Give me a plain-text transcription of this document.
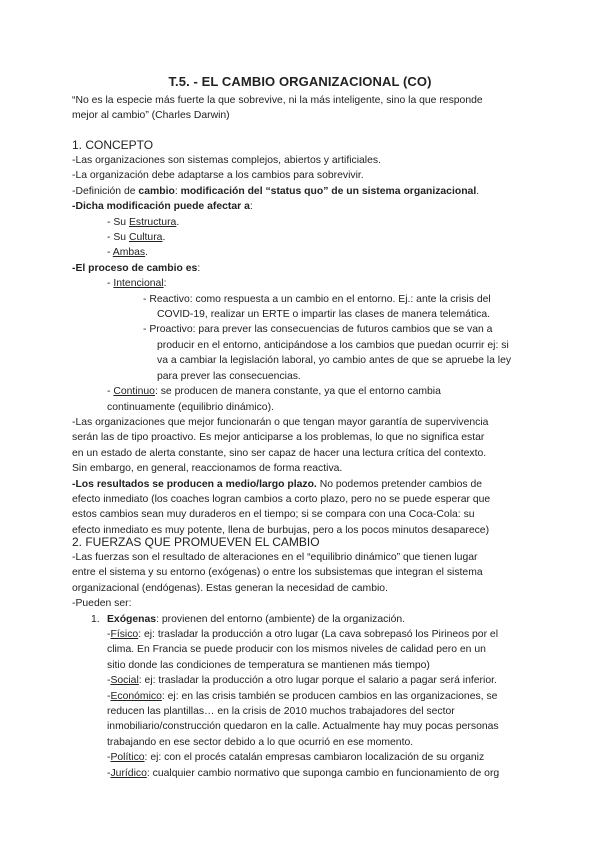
T.5. - EL CAMBIO ORGANIZACIONAL (CO)
“No es la especie más fuerte la que sobrevive, ni la más inteligente, sino la que responde
mejor al cambio” (Charles Darwin)
1. CONCEPTO
-Las organizaciones son sistemas complejos, abiertos y artificiales.
-La organización debe adaptarse a los cambios para sobrevivir.
-Definición de cambio: modificación del “status quo” de un sistema organizacional.
-Dicha modificación puede afectar a:
- Su Estructura.
- Su Cultura.
- Ambas.
-El proceso de cambio es:
- Intencional:
- Reactivo: como respuesta a un cambio en el entorno. Ej.: ante la crisis del
COVID-19, realizar un ERTE o impartir las clases de manera telemática.
- Proactivo: para prever las consecuencias de futuros cambios que se van a
producir en el entorno, anticipándose a los cambios que puedan ocurrir ej: si
va a cambiar la legislación laboral, yo cambio antes de que se apruebe la ley
para prever las consecuencias.
- Continuo: se producen de manera constante, ya que el entorno cambia
continuamente (equilibrio dinámico).
-Las organizaciones que mejor funcionarán o que tengan mayor garantía de supervivencia
serán las de tipo proactivo. Es mejor anticiparse a los problemas, lo que no significa estar
en un estado de alerta constante, sino ser capaz de hacer una lectura crítica del contexto.
Sin embargo, en general, reaccionamos de forma reactiva.
-Los resultados se producen a medio/largo plazo. No podemos pretender cambios de
efecto inmediato (los coaches logran cambios a corto plazo, pero no se puede esperar que
estos cambios sean muy duraderos en el tiempo; si se compara con una Coca-Cola: su
efecto inmediato es muy potente, llena de burbujas, pero a los pocos minutos desaparece)
2. FUERZAS QUE PROMUEVEN EL CAMBIO
-Las fuerzas son el resultado de alteraciones en el “equilibrio dinámico” que tienen lugar
entre el sistema y su entorno (exógenas) o entre los subsistemas que integran el sistema
organizacional (endógenas). Estas generan la necesidad de cambio.
-Pueden ser:
1. Exógenas: provienen del entorno (ambiente) de la organización.
-Físico: ej: trasladar la producción a otro lugar (La cava sobrepasó los Pirineos por el
clima. En Francia se puede producir con los mismos niveles de calidad pero en un
sitio donde las condiciones de temperatura se mantienen más tiempo)
-Social: ej: trasladar la producción a otro lugar porque el salario a pagar será inferior.
-Económico: ej: en las crisis también se producen cambios en las organizaciones, se
reducen las plantillas… en la crisis de 2010 muchos trabajadores del sector
inmobiliario/construcción quedaron en la calle. Actualmente hay muy pocas personas
trabajando en ese sector debido a lo que ocurrió en ese momento.
-Político: ej: con el procés catalán empresas cambiaron localización de su organiz
-Jurídico: cualquier cambio normativo que suponga cambio en funcionamiento de org
